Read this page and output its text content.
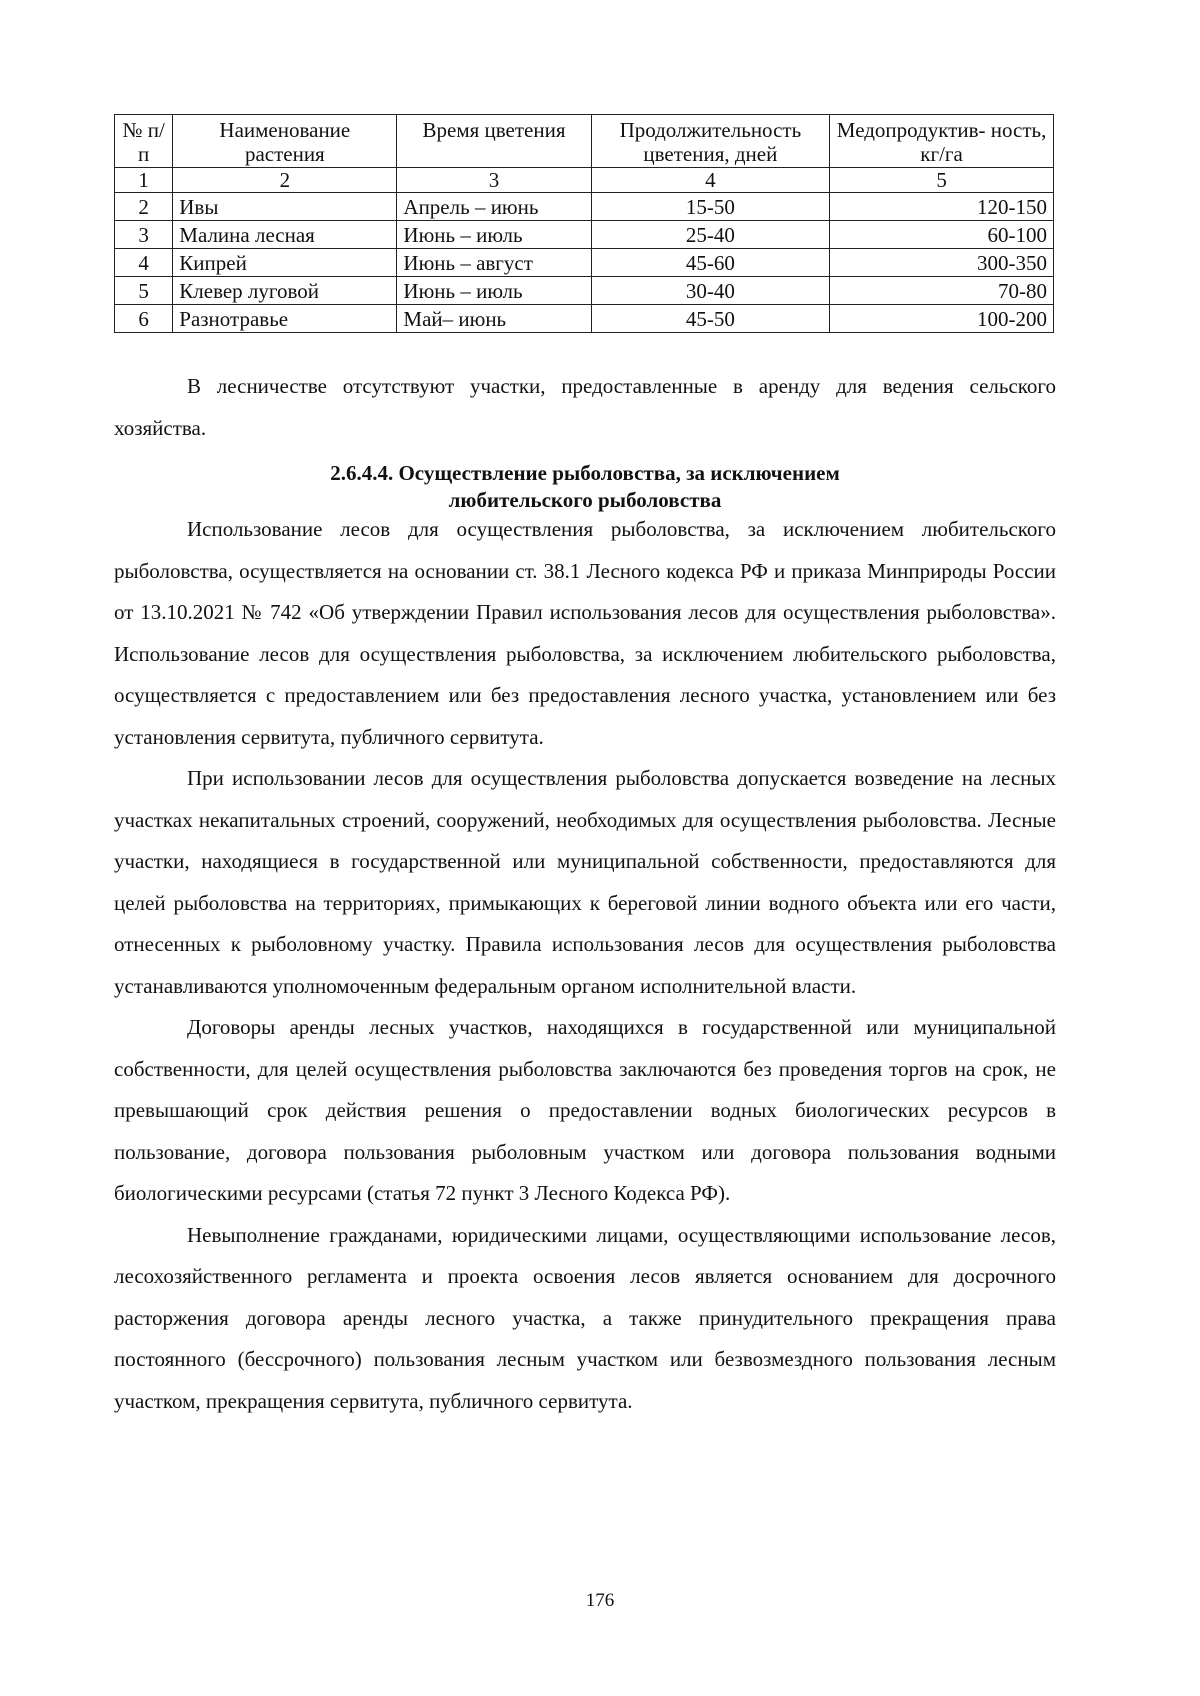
№ п/п	Наименование растения	Время цветения	Продолжительность цветения, дней	Медопродуктив- ность, кг/га
1	2	3	4	5
2	Ивы	Апрель – июнь	15-50	120-150
3	Малина лесная	Июнь – июль	25-40	60-100
4	Кипрей	Июнь – август	45-60	300-350
5	Клевер луговой	Июнь – июль	30-40	70-80
6	Разнотравье	Май– июнь	45-50	100-200

В лесничестве отсутствуют участки, предоставленные в аренду для ведения сельского хозяйства.

2.6.4.4. Осуществление рыболовства, за исключением
любительского рыболовства

Использование лесов для осуществления рыболовства, за исключением любительского рыболовства, осуществляется на основании ст. 38.1 Лесного кодекса РФ и приказа Минприроды России от 13.10.2021 № 742 «Об утверждении Правил использования лесов для осуществления рыболовства». Использование лесов для осуществления рыболовства, за исключением любительского рыболовства, осуществляется с предоставлением или без предоставления лесного участка, установлением или без установления сервитута, публичного сервитута.

При использовании лесов для осуществления рыболовства допускается возведение на лесных участках некапитальных строений, сооружений, необходимых для осуществления рыболовства. Лесные участки, находящиеся в государственной или муниципальной собственности, предоставляются для целей рыболовства на территориях, примыкающих к береговой линии водного объекта или его части, отнесенных к рыболовному участку. Правила использования лесов для осуществления рыболовства устанавливаются уполномоченным федеральным органом исполнительной власти.

Договоры аренды лесных участков, находящихся в государственной или муниципальной собственности, для целей осуществления рыболовства заключаются без проведения торгов на срок, не превышающий срок действия решения о предоставлении водных биологических ресурсов в пользование, договора пользования рыболовным участком или договора пользования водными биологическими ресурсами (статья 72 пункт 3 Лесного Кодекса РФ).

Невыполнение гражданами, юридическими лицами, осуществляющими использование лесов, лесохозяйственного регламента и проекта освоения лесов является основанием для досрочного расторжения договора аренды лесного участка, а также принудительного прекращения права постоянного (бессрочного) пользования лесным участком или безвозмездного пользования лесным участком, прекращения сервитута, публичного сервитута.

176
